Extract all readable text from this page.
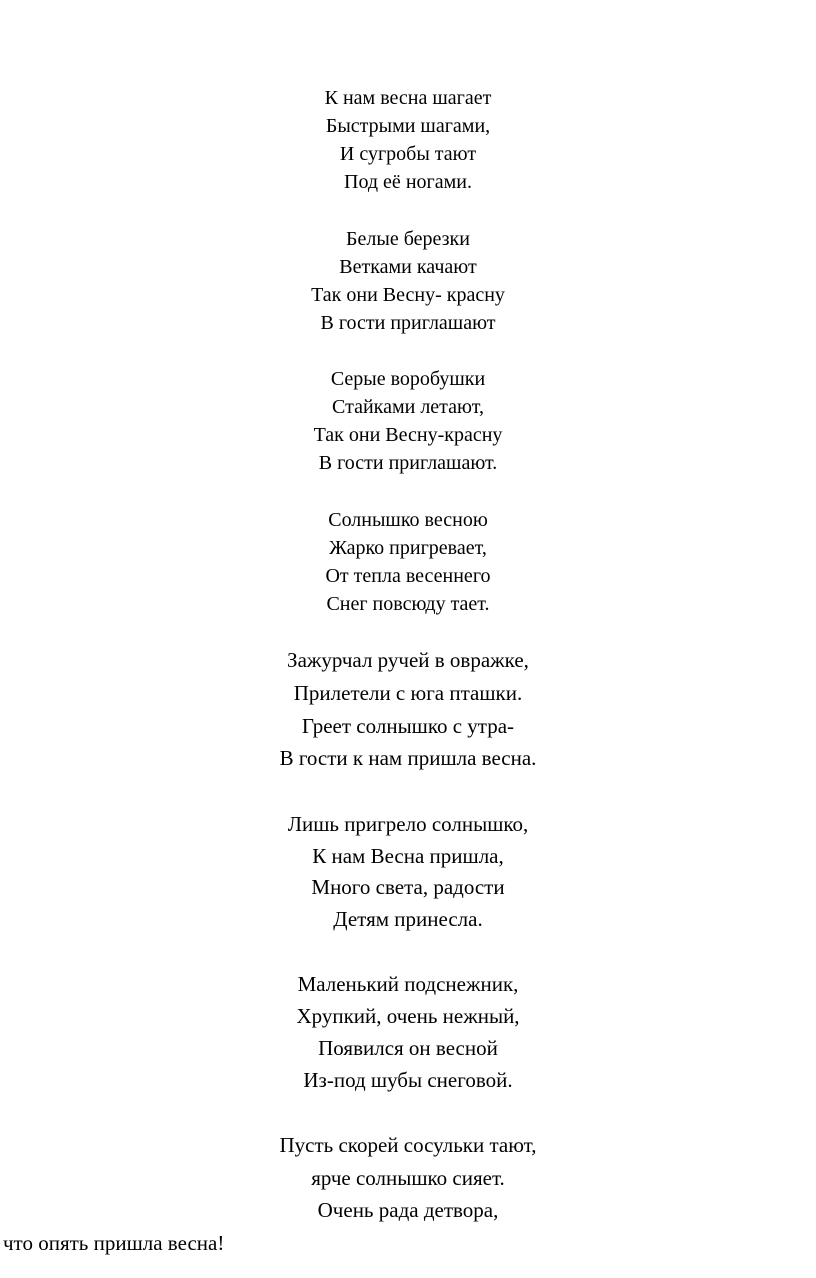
К нам весна шагает
Быстрыми шагами,
И сугробы тают
Под её ногами.
Белые березки
Ветками качают
Так они Весну- красну
В гости приглашают
Серые воробушки
Стайками летают,
Так они Весну-красну
В гости приглашают.
Солнышко весною
Жарко пригревает,
От тепла весеннего
Снег повсюду тает.
Зажурчал ручей в овражке,
Прилетели с юга пташки.
Греет солнышко с утра-
В гости к нам пришла весна.
Лишь пригрело солнышко,
К нам Весна пришла,
Много света, радости
Детям принесла.
Маленький подснежник,
Хрупкий, очень нежный,
Появился он весной
Из-под шубы снеговой.
Пусть скорей сосульки тают,
ярче солнышко сияет.
Очень рада детвора,
что опять пришла весна!
